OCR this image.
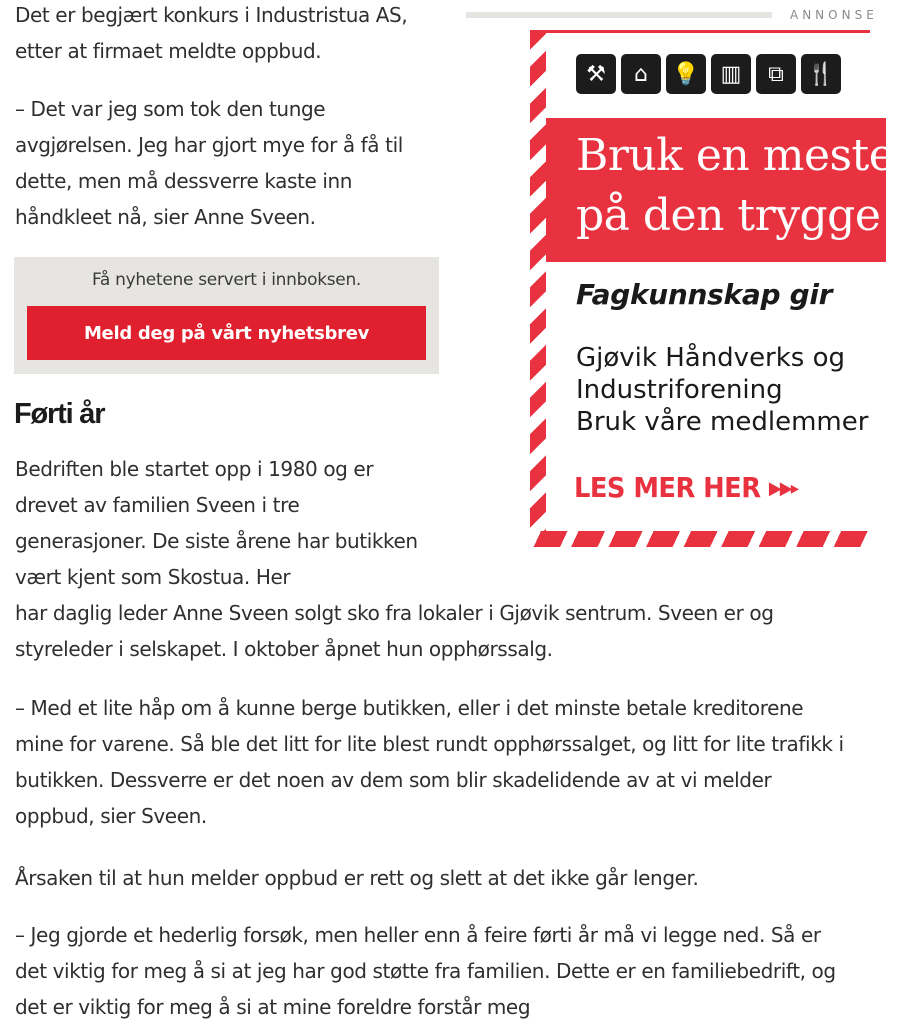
Det er begjært konkurs i Industristua AS, etter at firmaet meldte oppbud.

– Det var jeg som tok den tunge avgjørelsen. Jeg har gjort mye for å få til dette, men må dessverre kaste inn håndkleet nå, sier Anne Sveen.

Få nyhetene servert i innboksen.
Meld deg på vårt nyhetsbrev
Førti år

Bedriften ble startet opp i 1980 og er drevet av familien Sveen i tre generasjoner. De siste årene har butikken vært kjent som Skostua. Her
har daglig leder Anne Sveen solgt sko fra lokaler i Gjøvik sentrum. Sveen er og styreleder i selskapet. I oktober åpnet hun opphørssalg.

– Med et lite håp om å kunne berge butikken, eller i det minste betale kreditorene mine for varene. Så ble det litt for lite blest rundt opphørssalget, og litt for lite trafikk i butikken. Dessverre er det noen av dem som blir skadelidende av at vi melder oppbud, sier Sveen.

Årsaken til at hun melder oppbud er rett og slett at det ikke går lenger.

– Jeg gjorde et hederlig forsøk, men heller enn å feire førti år må vi legge ned. Så er det viktig for meg å si at jeg har god støtte fra familien. Dette er en familiebedrift, og det er viktig for meg å si at mine foreldre forstår meg

ANNONSE
⚒	⌂	💡 ▥	⧉	🍴
Bruk en mester
på den trygge
Fagkunnskap gir
Gjøvik Håndverks og
Industriforening
Bruk våre medlemmer
LES MER HER ▶▶▸
